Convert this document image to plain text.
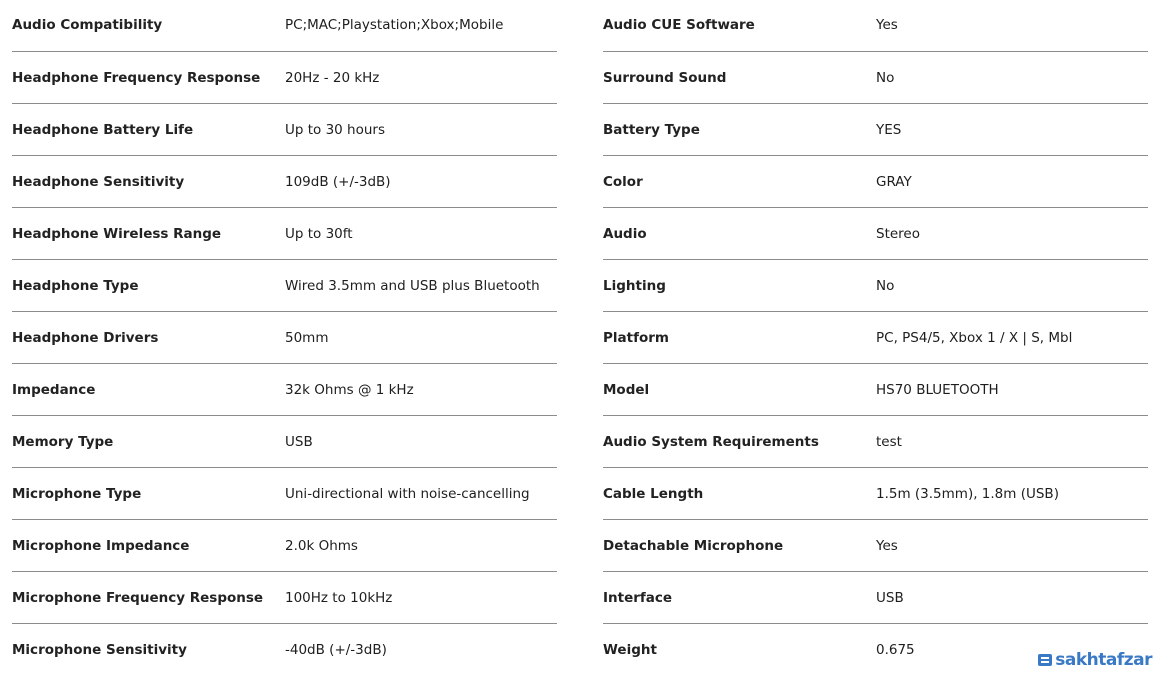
Audio Compatibility	PC;MAC;Playstation;Xbox;Mobile
Headphone Frequency Response 20Hz - 20 kHz
Headphone Battery Life	Up to 30 hours
Headphone Sensitivity	109dB (+/-3dB)
Headphone Wireless Range	Up to 30ft
Headphone Type	Wired 3.5mm and USB plus Bluetooth
Headphone Drivers	50mm
Impedance	32k Ohms @ 1 kHz
Memory Type	USB
Microphone Type	Uni-directional with noise-cancelling
Microphone Impedance	2.0k Ohms
Microphone Frequency Response 100Hz to 10kHz
Microphone Sensitivity	-40dB (+/-3dB)
Audio CUE Software	Yes
Surround Sound	No
Battery Type	YES
Color	GRAY
Audio	Stereo
Lighting	No
Platform	PC, PS4/5, Xbox 1 / X | S, Mbl
Model	HS70 BLUETOOTH
Audio System Requirements	test
Cable Length	1.5m (3.5mm), 1.8m (USB)
Detachable Microphone	Yes
Interface	USB
Weight	0.675	sakhtafzar
